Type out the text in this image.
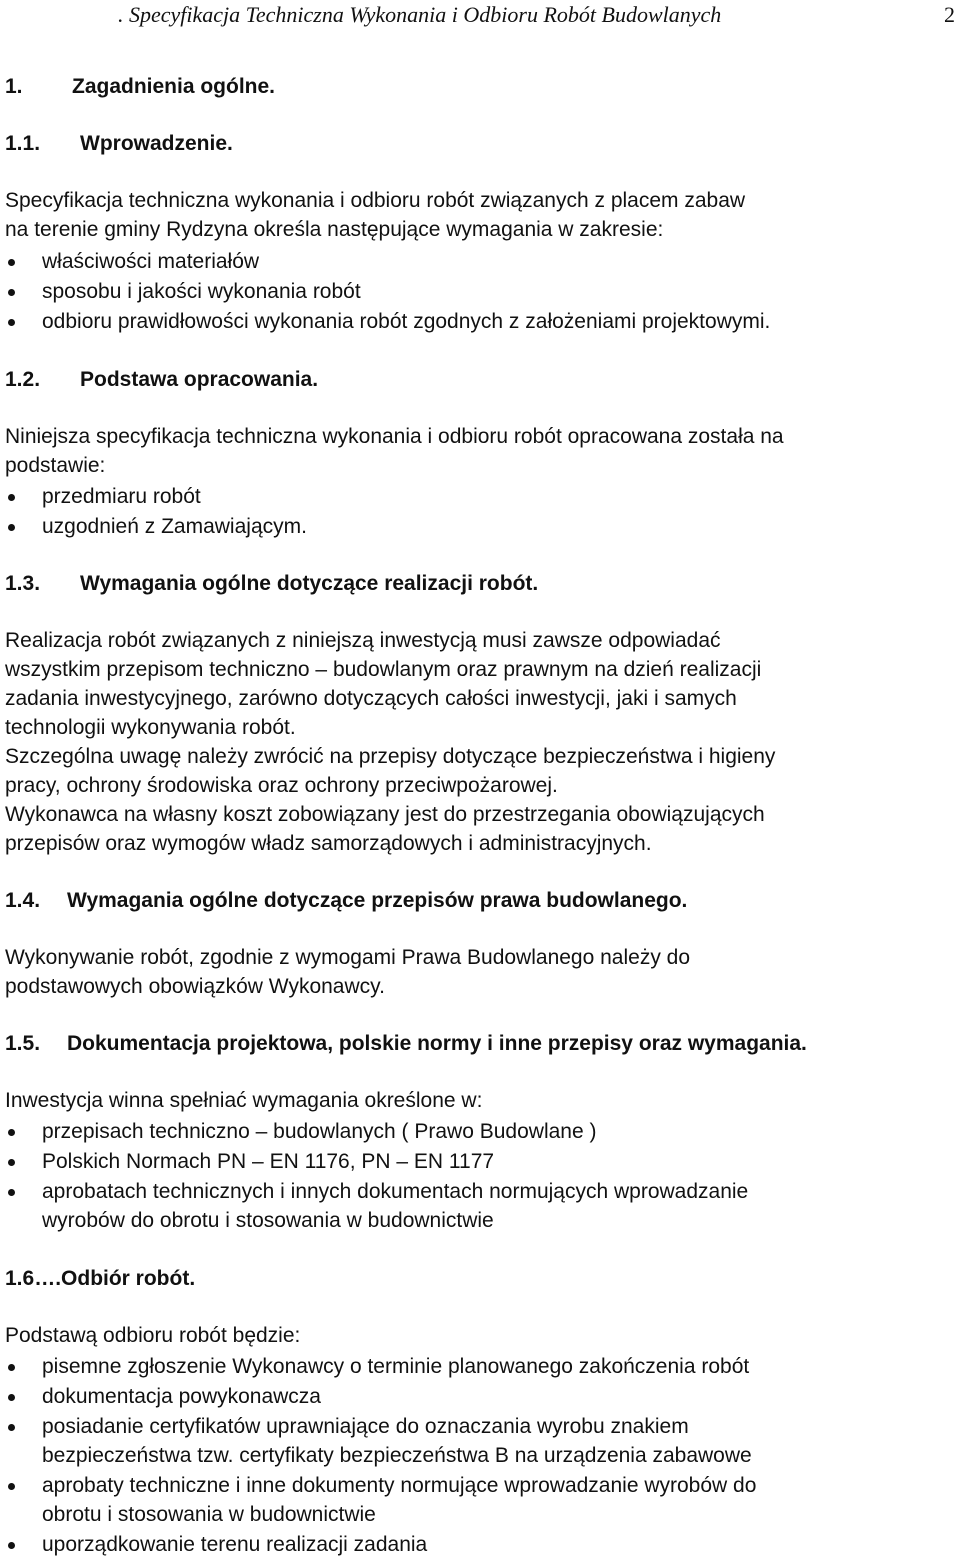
. Specyfikacja Techniczna Wykonania i Odbioru Robót Budowlanych	2
1. Zagadnienia ogólne.
1.1. Wprowadzenie.
Specyfikacja techniczna wykonania i odbioru robót związanych z placem zabaw
na terenie gminy Rydzyna określa następujące wymagania w zakresie:
właściwości materiałów
sposobu i jakości wykonania robót
odbioru prawidłowości wykonania robót zgodnych z założeniami projektowymi.
1.2. Podstawa opracowania.
Niniejsza specyfikacja techniczna wykonania i odbioru robót opracowana została na
podstawie:
przedmiaru robót
uzgodnień z Zamawiającym.
1.3. Wymagania ogólne dotyczące realizacji robót.
Realizacja robót związanych z niniejszą inwestycją musi zawsze odpowiadać
wszystkim przepisom techniczno – budowlanym oraz prawnym na dzień realizacji
zadania inwestycyjnego, zarówno dotyczących całości inwestycji, jaki i samych
technologii wykonywania robót.
Szczególna uwagę należy zwrócić na przepisy dotyczące bezpieczeństwa i higieny
pracy, ochrony środowiska oraz ochrony przeciwpożarowej.
Wykonawca na własny koszt zobowiązany jest do przestrzegania obowiązujących
przepisów oraz wymogów władz samorządowych i administracyjnych.
1.4. Wymagania ogólne dotyczące przepisów prawa budowlanego.
Wykonywanie robót, zgodnie z wymogami Prawa Budowlanego należy do
podstawowych obowiązków Wykonawcy.
1.5. Dokumentacja projektowa, polskie normy i inne przepisy oraz wymagania.
Inwestycja winna spełniać wymagania określone w:
przepisach techniczno – budowlanych ( Prawo Budowlane )
Polskich Normach PN – EN 1176, PN – EN 1177
aprobatach technicznych i innych dokumentach normujących wprowadzanie
wyrobów do obrotu i stosowania w budownictwie
1.6….Odbiór robót.
Podstawą odbioru robót będzie:
pisemne zgłoszenie Wykonawcy o terminie planowanego zakończenia robót
dokumentacja powykonawcza
posiadanie certyfikatów uprawniające do oznaczania wyrobu znakiem
bezpieczeństwa tzw. certyfikaty bezpieczeństwa B na urządzenia zabawowe
aprobaty techniczne i inne dokumenty normujące wprowadzanie wyrobów do
obrotu i stosowania w budownictwie
uporządkowanie terenu realizacji zadania
